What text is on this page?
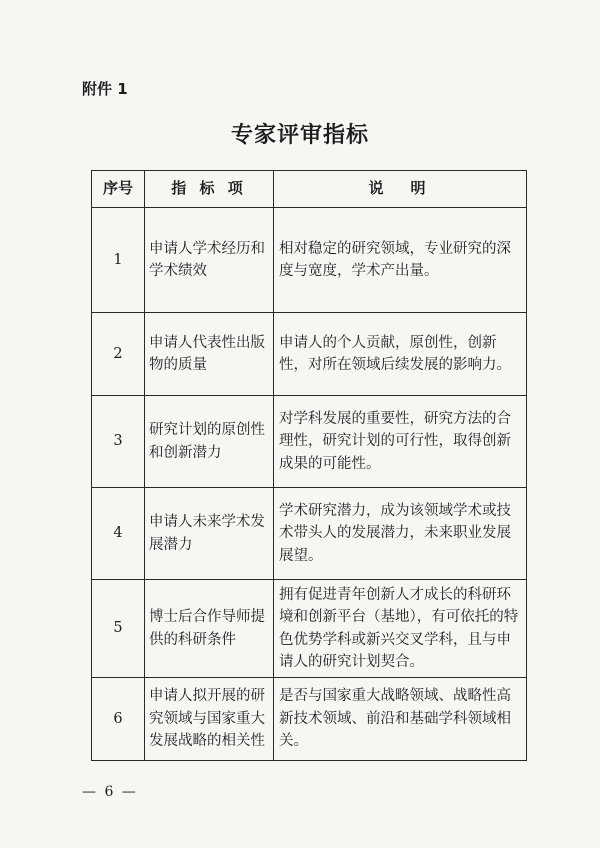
附件 1
专家评审指标
序号	指 标 项	说　明
1	申请人学术经历和学术绩效	相对稳定的研究领域，专业研究的深度与宽度，学术产出量。
2	申请人代表性出版物的质量	申请人的个人贡献，原创性，创新性，对所在领域后续发展的影响力。
3	研究计划的原创性和创新潜力	对学科发展的重要性，研究方法的合理性，研究计划的可行性，取得创新成果的可能性。
4	申请人未来学术发展潜力	学术研究潜力，成为该领域学术或技术带头人的发展潜力，未来职业发展展望。
5	博士后合作导师提供的科研条件	拥有促进青年创新人才成长的科研环境和创新平台（基地），有可依托的特色优势学科或新兴交叉学科，且与申请人的研究计划契合。
6	申请人拟开展的研究领域与国家重大发展战略的相关性	是否与国家重大战略领域、战略性高新技术领域、前沿和基础学科领域相关。
— 6 —
